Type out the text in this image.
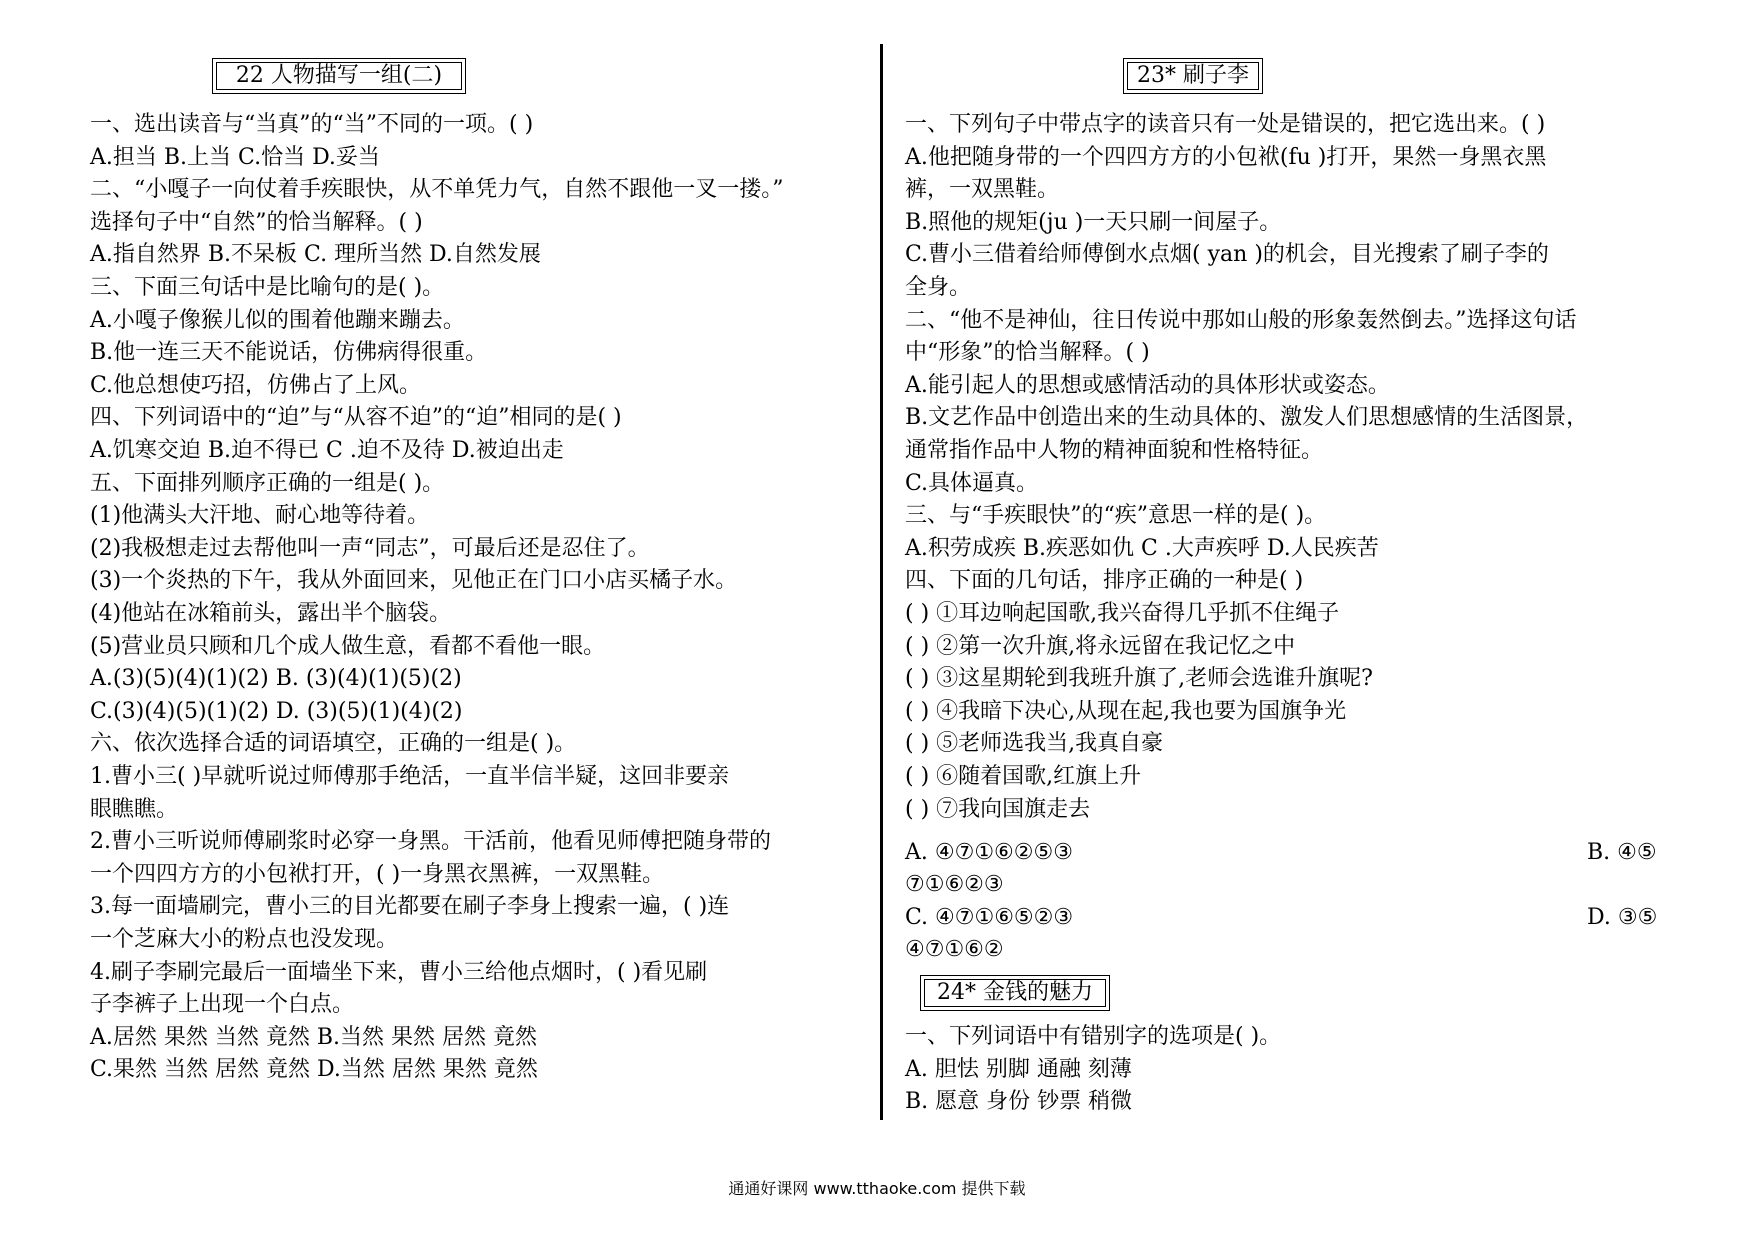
22 人物描写一组(二)
一、选出读音与“当真”的“当”不同的一项。( )
A.担当 B.上当 C.恰当 D.妥当
二、“小嘎子一向仗着手疾眼快，从不单凭力气，自然不跟他一叉一搂。”
选择句子中“自然”的恰当解释。( )
A.指自然界 B.不呆板 C. 理所当然 D.自然发展
三、下面三句话中是比喻句的是( )。
A.小嘎子像猴儿似的围着他蹦来蹦去。
B.他一连三天不能说话，仿佛病得很重。
C.他总想使巧招，仿佛占了上风。
四、下列词语中的“迫”与“从容不迫”的“迫”相同的是( )
A.饥寒交迫 B.迫不得已 C .迫不及待 D.被迫出走
五、下面排列顺序正确的一组是( )。
(1)他满头大汗地、耐心地等待着。
(2)我极想走过去帮他叫一声“同志”，可最后还是忍住了。
(3)一个炎热的下午，我从外面回来，见他正在门口小店买橘子水。
(4)他站在冰箱前头，露出半个脑袋。
(5)营业员只顾和几个成人做生意，看都不看他一眼。
A.(3)(5)(4)(1)(2) B. (3)(4)(1)(5)(2)
C.(3)(4)(5)(1)(2) D. (3)(5)(1)(4)(2)
六、依次选择合适的词语填空，正确的一组是( )。
1.曹小三( )早就听说过师傅那手绝活，一直半信半疑，这回非要亲
眼瞧瞧。
2.曹小三听说师傅刷浆时必穿一身黑。干活前，他看见师傅把随身带的
一个四四方方的小包袱打开，( )一身黑衣黑裤，一双黑鞋。
3.每一面墙刷完，曹小三的目光都要在刷子李身上搜索一遍，( )连
一个芝麻大小的粉点也没发现。
4.刷子李刷完最后一面墙坐下来，曹小三给他点烟时，( )看见刷
子李裤子上出现一个白点。
A.居然 果然 当然 竟然 B.当然 果然 居然 竟然
C.果然 当然 居然 竟然 D.当然 居然 果然 竟然
23* 刷子李
一、下列句子中带点字的读音只有一处是错误的，把它选出来。( )
A.他把随身带的一个四四方方的小包袱(fu )打开，果然一身黑衣黑
裤，一双黑鞋。
B.照他的规矩(ju )一天只刷一间屋子。
C.曹小三借着给师傅倒水点烟( yan )的机会，目光搜索了刷子李的
全身。
二、“他不是神仙，往日传说中那如山般的形象轰然倒去。”选择这句话
中“形象”的恰当解释。( )
A.能引起人的思想或感情活动的具体形状或姿态。
B.文艺作品中创造出来的生动具体的、激发人们思想感情的生活图景，
通常指作品中人物的精神面貌和性格特征。
C.具体逼真。
三、与“手疾眼快”的“疾”意思一样的是( )。
A.积劳成疾 B.疾恶如仇 C .大声疾呼 D.人民疾苦
四、下面的几句话，排序正确的一种是( )
( ) ①耳边响起国歌,我兴奋得几乎抓不住绳子
( ) ②第一次升旗,将永远留在我记忆之中
( ) ③这星期轮到我班升旗了,老师会选谁升旗呢?
( ) ④我暗下决心,从现在起,我也要为国旗争光
( ) ⑤老师选我当,我真自豪
( ) ⑥随着国歌,红旗上升
( ) ⑦我向国旗走去
A. ④⑦①⑥②⑤③	B. ④⑤
⑦①⑥②③
C. ④⑦①⑥⑤②③	D. ③⑤
④⑦①⑥②
24* 金钱的魅力
一、下列词语中有错别字的选项是( )。
A. 胆怯 别脚 通融 刻薄
B. 愿意 身份 钞票 稍微
通通好课网 www.tthaoke.com 提供下载
